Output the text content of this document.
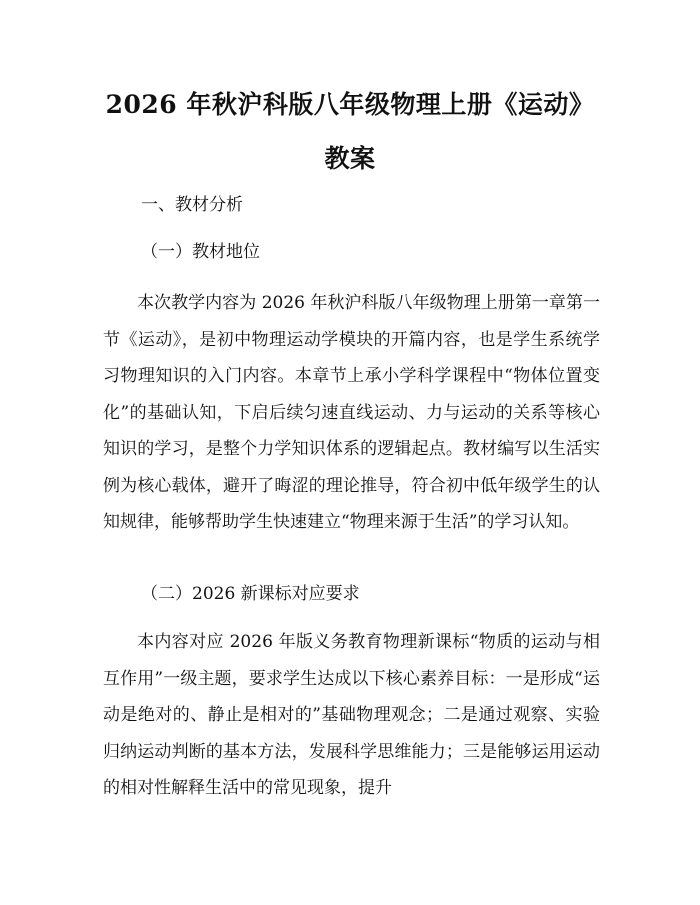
2026 年秋沪科版八年级物理上册《运动》教案
一、教材分析
（一）教材地位
本次教学内容为 2026 年秋沪科版八年级物理上册第一章第一节《运动》，是初中物理运动学模块的开篇内容，也是学生系统学习物理知识的入门内容。本章节上承小学科学课程中“物体位置变化”的基础认知，下启后续匀速直线运动、力与运动的关系等核心知识的学习，是整个力学知识体系的逻辑起点。教材编写以生活实例为核心载体，避开了晦涩的理论推导，符合初中低年级学生的认知规律，能够帮助学生快速建立“物理来源于生活”的学习认知。
（二）2026 新课标对应要求
本内容对应 2026 年版义务教育物理新课标“物质的运动与相互作用”一级主题，要求学生达成以下核心素养目标：一是形成“运动是绝对的、静止是相对的”基础物理观念；二是通过观察、实验归纳运动判断的基本方法，发展科学思维能力；三是能够运用运动的相对性解释生活中的常见现象，提升
